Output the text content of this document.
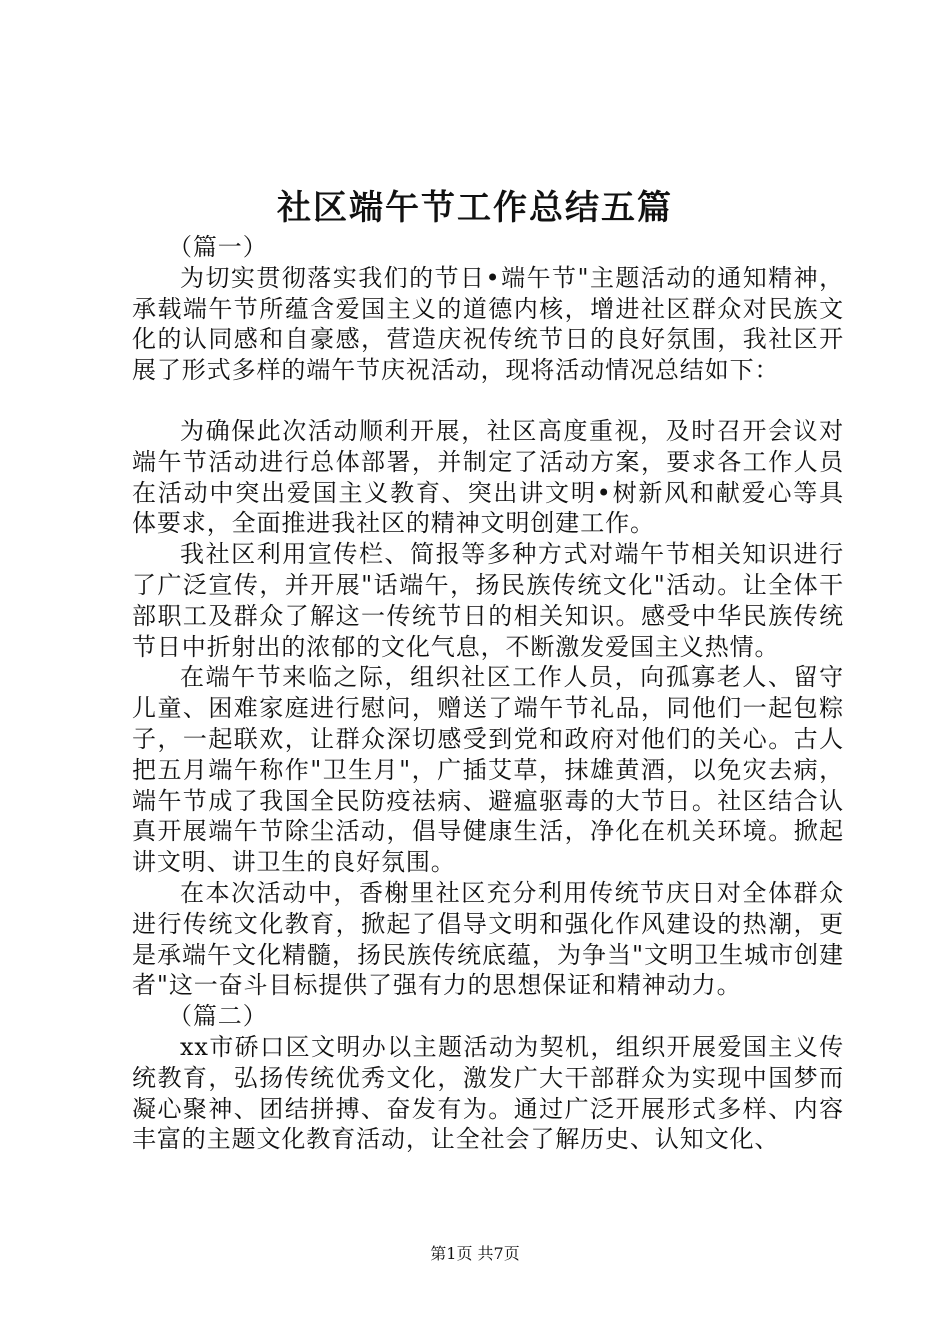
社区端午节工作总结五篇

（篇一）

为切实贯彻落实我们的节日•端午节"主题活动的通知精神，承载端午节所蕴含爱国主义的道德内核，增进社区群众对民族文化的认同感和自豪感，营造庆祝传统节日的良好氛围，我社区开展了形式多样的端午节庆祝活动，现将活动情况总结如下：

为确保此次活动顺利开展，社区高度重视，及时召开会议对端午节活动进行总体部署，并制定了活动方案，要求各工作人员在活动中突出爱国主义教育、突出讲文明•树新风和献爱心等具体要求，全面推进我社区的精神文明创建工作。

我社区利用宣传栏、简报等多种方式对端午节相关知识进行了广泛宣传，并开展"话端午，扬民族传统文化"活动。让全体干部职工及群众了解这一传统节日的相关知识。感受中华民族传统节日中折射出的浓郁的文化气息，不断激发爱国主义热情。

在端午节来临之际，组织社区工作人员，向孤寡老人、留守儿童、困难家庭进行慰问，赠送了端午节礼品，同他们一起包粽子，一起联欢，让群众深切感受到党和政府对他们的关心。古人把五月端午称作"卫生月"，广插艾草，抹雄黄酒，以免灾去病，端午节成了我国全民防疫祛病、避瘟驱毒的大节日。社区结合认真开展端午节除尘活动，倡导健康生活，净化在机关环境。掀起讲文明、讲卫生的良好氛围。

在本次活动中，香榭里社区充分利用传统节庆日对全体群众进行传统文化教育，掀起了倡导文明和强化作风建设的热潮，更是承端午文化精髓，扬民族传统底蕴，为争当"文明卫生城市创建者"这一奋斗目标提供了强有力的思想保证和精神动力。

（篇二）

xx市硚口区文明办以主题活动为契机，组织开展爱国主义传统教育，弘扬传统优秀文化，激发广大干部群众为实现中国梦而凝心聚神、团结拼搏、奋发有为。通过广泛开展形式多样、内容丰富的主题文化教育活动，让全社会了解历史、认知文化、

第1页 共7页
